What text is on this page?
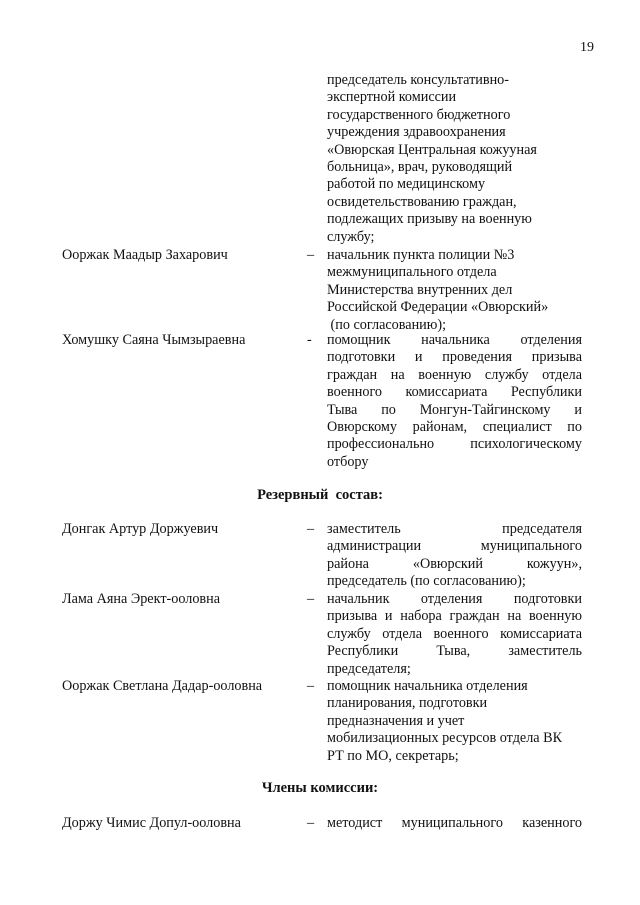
19
председатель консультативно-
экспертной комиссии
государственного бюджетного
учреждения здравоохранения
«Овюрская Центральная кожууная
больница», врач, руководящий
работой по медицинскому
освидетельствованию граждан,
подлежащих призыву на военную
службу;
Ооржак Маадыр Захарович	– начальник пункта полиции №3
межмуниципального отдела
Министерства внутренних дел
Российской Федерации «Овюрский»
(по согласованию);
Хомушку Саяна Чымзыраевна	- помощник начальника отделения
подготовки и проведения призыва
граждан на военную службу отдела
военного комиссариата Республики
Тыва по Монгун-Тайгинскому и
Овюрскому районам, специалист по
профессионально психологическому
отбору
Резервный  состав:
Донгак Артур Доржуевич	– заместитель председателя
администрации муниципального
района «Овюрский кожуун»,
председатель (по согласованию);
Лама Аяна Эрект-ооловна	– начальник отделения подготовки
призыва и набора граждан на военную
службу отдела военного комиссариата
Республики Тыва, заместитель
председателя;
Ооржак Светлана Дадар-ооловна	– помощник начальника отделения
планирования, подготовки
предназначения и учет
мобилизационных ресурсов отдела ВК
РТ по МО, секретарь;
Члены комиссии:
Доржу Чимис Допул-ооловна	– методист муниципального казенного
